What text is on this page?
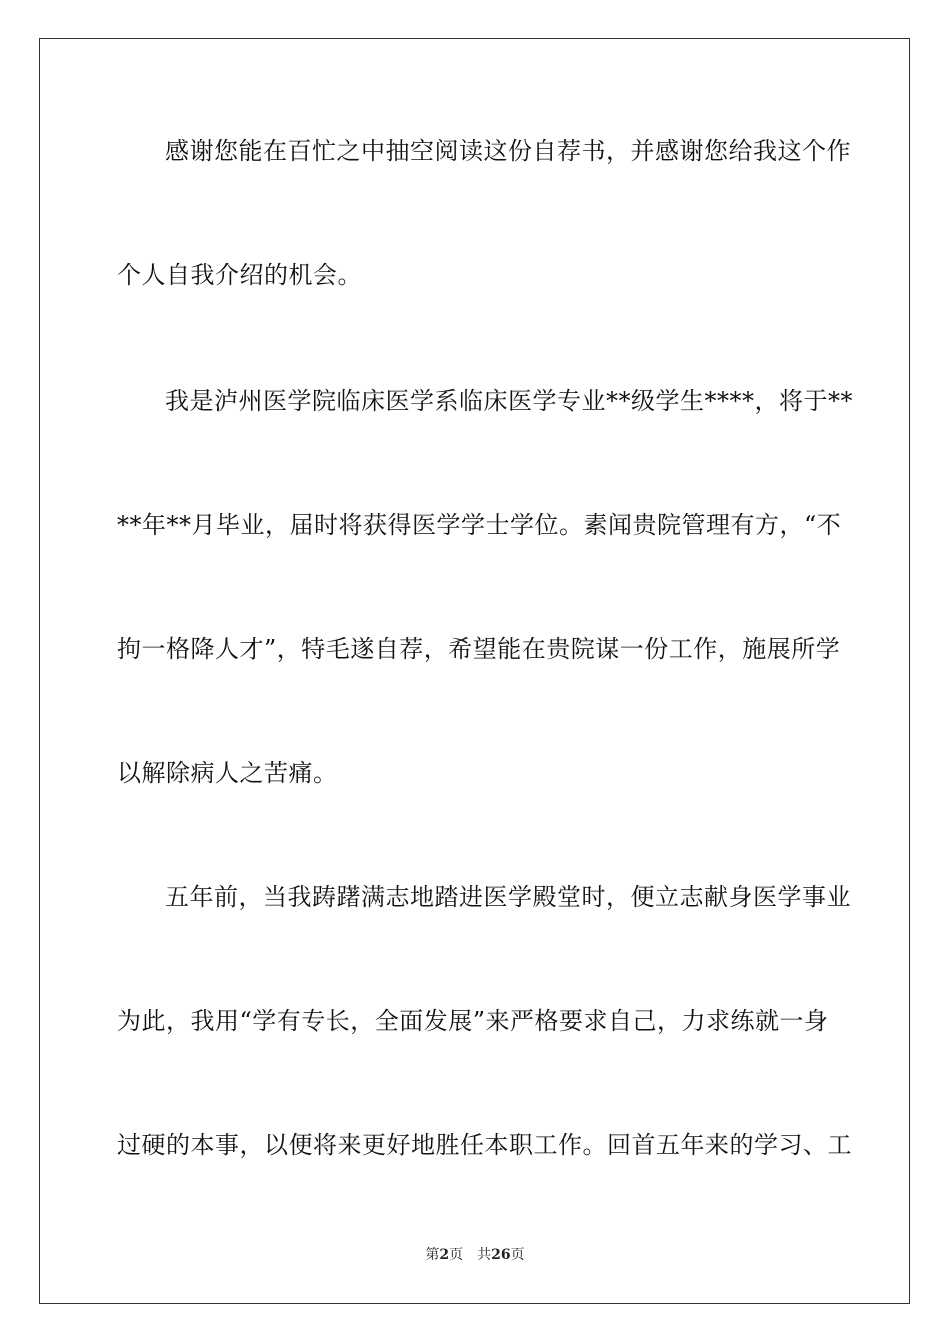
感谢您能在百忙之中抽空阅读这份自荐书，并感谢您给我这个作
个人自我介绍的机会。
我是泸州医学院临床医学系临床医学专业**级学生****，将于**
**年**月毕业，届时将获得医学学士学位。素闻贵院管理有方，“不
拘一格降人才”，特毛遂自荐，希望能在贵院谋一份工作，施展所学
以解除病人之苦痛。
五年前，当我踌躇满志地踏进医学殿堂时，便立志献身医学事业
为此，我用“学有专长，全面发展”来严格要求自己，力求练就一身
过硬的本事，以便将来更好地胜任本职工作。回首五年来的学习、工
第2页 共26页
